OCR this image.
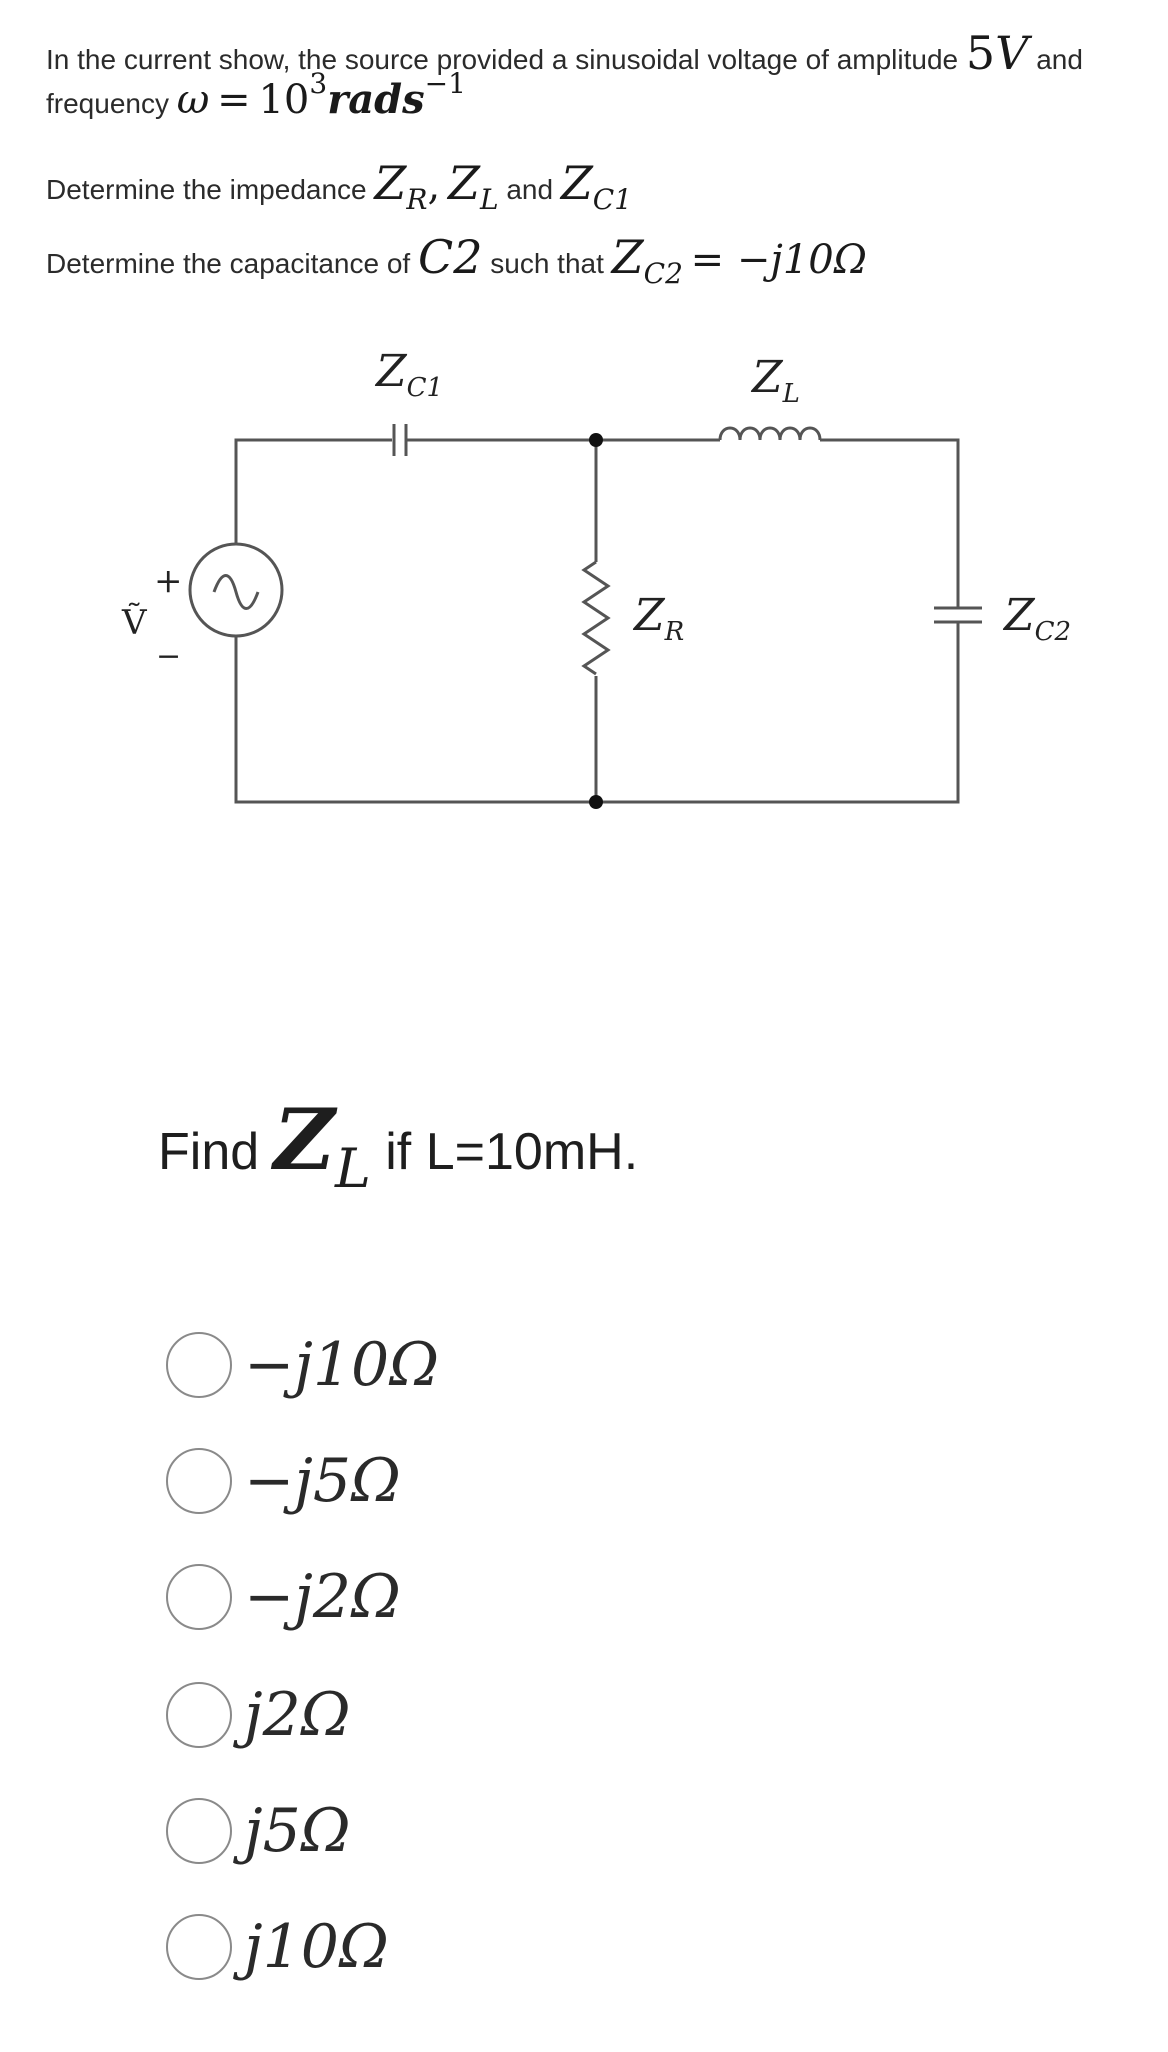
In the current show, the source provided a sinusoidal voltage of amplitude 5V and
frequency ω = 103rads−1
Determine the impedance ZR, ZL and ZC1
Determine the capacitance of C2 such that ZC2 = −j10Ω
+
Ṽ
−
$Z_{C1}$	$Z_L$
$Z_R$	$Z_{C2}$
Find ZL if L=10mH.
−j10Ω
−j5Ω
−j2Ω
j2Ω
j5Ω
j10Ω
